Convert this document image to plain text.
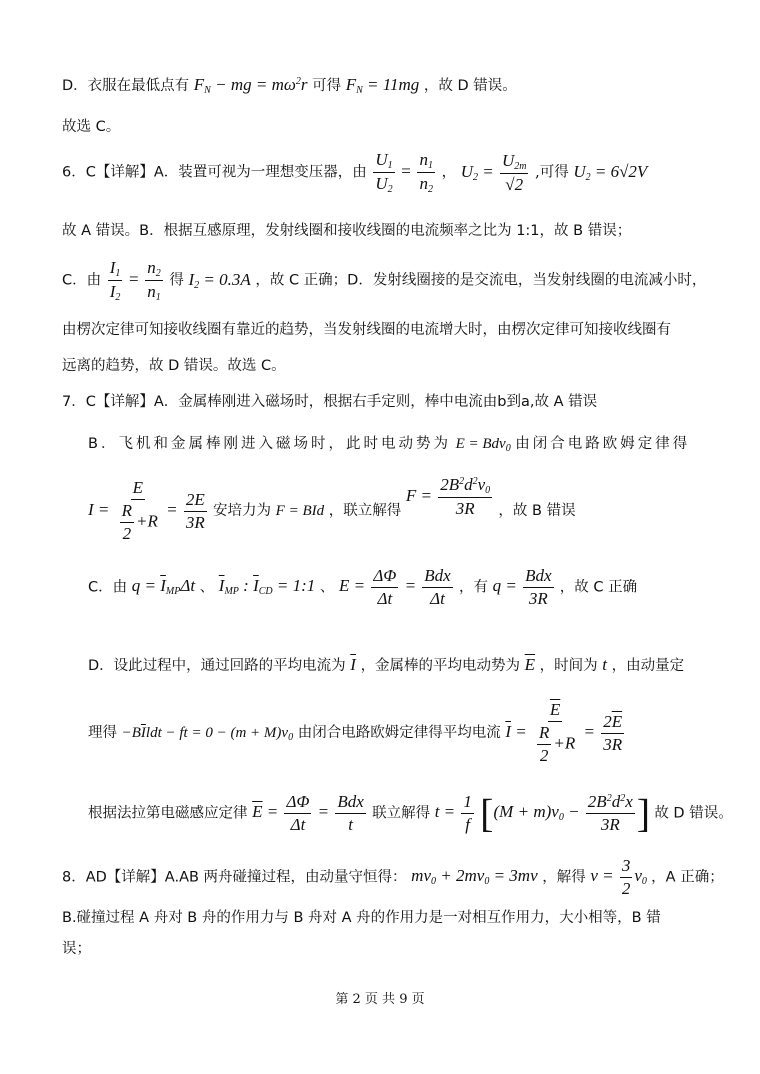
D．衣服在最低点有 $F_N$ − mg = $m\omega^2r$ 可得 $F_N = 11mg$ ，故 D 错误。
故选 C。
6．C【详解】A．装置可视为一理想变压器，由 $\frac{U_1}{U_2} = \frac{n_1}{n_2}$ ， $U_2 = \frac{U_{2m}}{√2}$ ,可得 $U_2 = 6√2V$
故 A 错误。B．根据互感原理，发射线圈和接收线圈的电流频率之比为 1:1，故 B 错误；
C．由 $\frac{I_1}{I_2} = \frac{n_2}{n_1}$ 得 $I_2 = 0.3A$ ，故 C 正确；D．发射线圈接的是交流电，当发射线圈的电流减小时，
由楞次定律可知接收线圈有靠近的趋势，当发射线圈的电流增大时，由楞次定律可知接收线圈有
远离的趋势，故 D 错误。故选 C。
7．C【详解】A．金属棒刚进入磁场时，根据右手定则，棒中电流由b到a,故 A 错误
B．飞机和金属棒刚进入磁场时，此时电动势为 E = Bdv$_0$ 由闭合电路欧姆定律得
$I = \frac{E}{\frac{R}{2} +R} = \frac{2E}{3R}$ 安培力为 F = BId ，联立解得 $F = \frac{2B^2d^2v_0}{3R}$ ，故 B 错误
C．由 $q = \overline{I}_{MP}\Delta t$ 、 $\overline{I}_{MP}$ : $\overline{I}_{CD}$ = 1:1 、 $E = \frac{\Delta\Phi}{\Delta t} = \frac{\text{Bdx}}{\Delta t}$ ，有 $q = \frac{\text{Bdx}}{3R}$ ，故 C 正确
D．设此过程中，通过回路的平均电流为 $\overline{I}$ ，金属棒的平均电动势为 $\overline{E}$ ，时间为 t ，由动量定
理得 $-B\overline{I}ldt$ − ft = $0 - (m + M)v_0$ 由闭合电路欧姆定律得平均电流 $\overline{I} = \frac{\overline{E}}{\frac{R}{2} +R} = \frac{2\overline{E}}{3R}$
根据法拉第电磁感应定律 $\overline{E} = \frac{\Delta\Phi}{\Delta t} = \frac{\text{Bdx}}{t}$ 联立解得 $t = \frac{1}{f} [(M + m)v_0 - \frac{2B^2d^2x}{3R}$ ] 故 D 错误。
8．AD【详解】A.AB 两舟碰撞过程，由动量守恒得： $mv_0 + 2mv_0 = 3mv$ ，解得 $v = \frac{3}{2} v_0$ ，A 正确；
B.碰撞过程 A 舟对 B 舟的作用力与 B 舟对 A 舟的作用力是一对相互作用力，大小相等，B 错
误；
第 2 页 共 9 页
